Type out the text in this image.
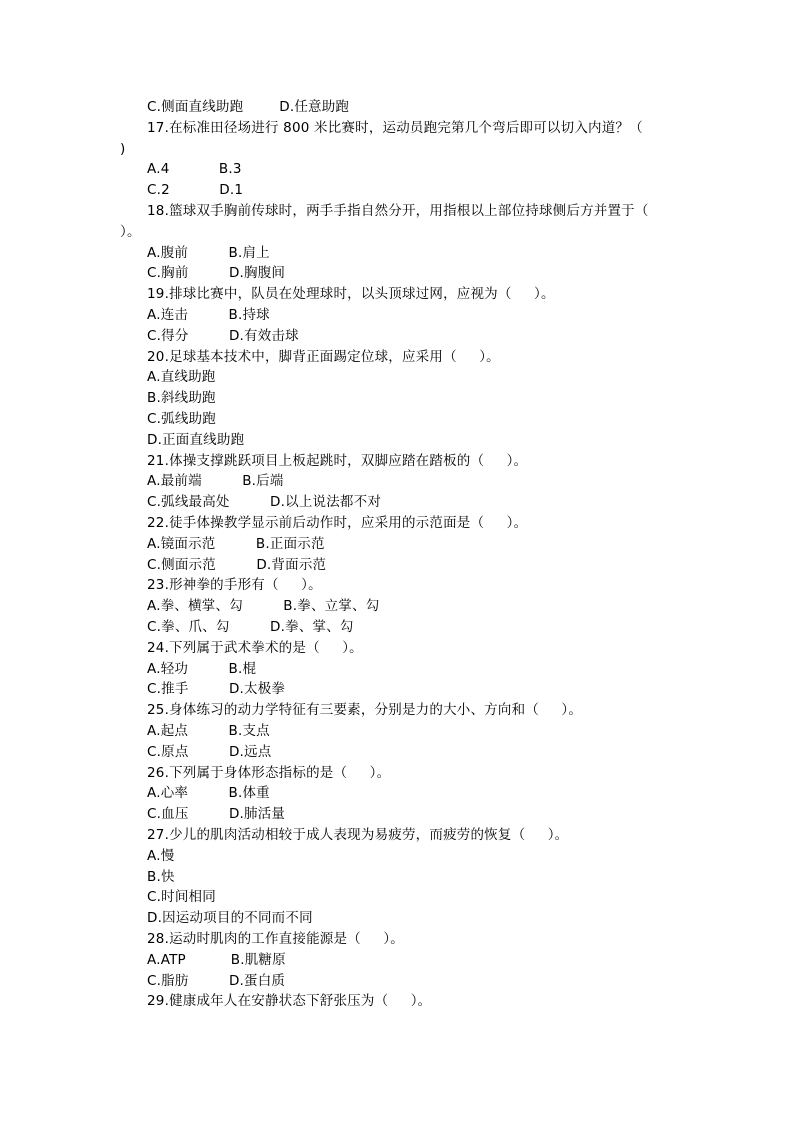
C.侧面直线助跑        D.任意助跑
17.在标准田径场进行 800 米比赛时，运动员跑完第几个弯后即可以切入内道？（
)
A.4           B.3
C.2           D.1
18.篮球双手胸前传球时，两手手指自然分开，用指根以上部位持球侧后方并置于（
）。
A.腹前         B.肩上
C.胸前         D.胸腹间
19.排球比赛中，队员在处理球时，以头顶球过网，应视为（     ）。
A.连击         B.持球
C.得分         D.有效击球
20.足球基本技术中，脚背正面踢定位球，应采用（     ）。
A.直线助跑
B.斜线助跑
C.弧线助跑
D.正面直线助跑
21.体操支撑跳跃项目上板起跳时，双脚应踏在踏板的（     ）。
A.最前端         B.后端
C.弧线最高处         D.以上说法都不对
22.徒手体操教学显示前后动作时，应采用的示范面是（     ）。
A.镜面示范         B.正面示范
C.侧面示范         D.背面示范
23.形神拳的手形有（     ）。
A.拳、横掌、勾         B.拳、立掌、勾
C.拳、爪、勾         D.拳、掌、勾
24.下列属于武术拳术的是（     ）。
A.轻功         B.棍
C.推手         D.太极拳
25.身体练习的动力学特征有三要素，分别是力的大小、方向和（     ）。
A.起点         B.支点
C.原点         D.远点
26.下列属于身体形态指标的是（     ）。
A.心率         B.体重
C.血压         D.肺活量
27.少儿的肌肉活动相较于成人表现为易疲劳，而疲劳的恢复（     ）。
A.慢
B.快
C.时间相同
D.因运动项目的不同而不同
28.运动时肌肉的工作直接能源是（     ）。
A.ATP          B.肌糖原
C.脂肪         D.蛋白质
29.健康成年人在安静状态下舒张压为（     ）。
